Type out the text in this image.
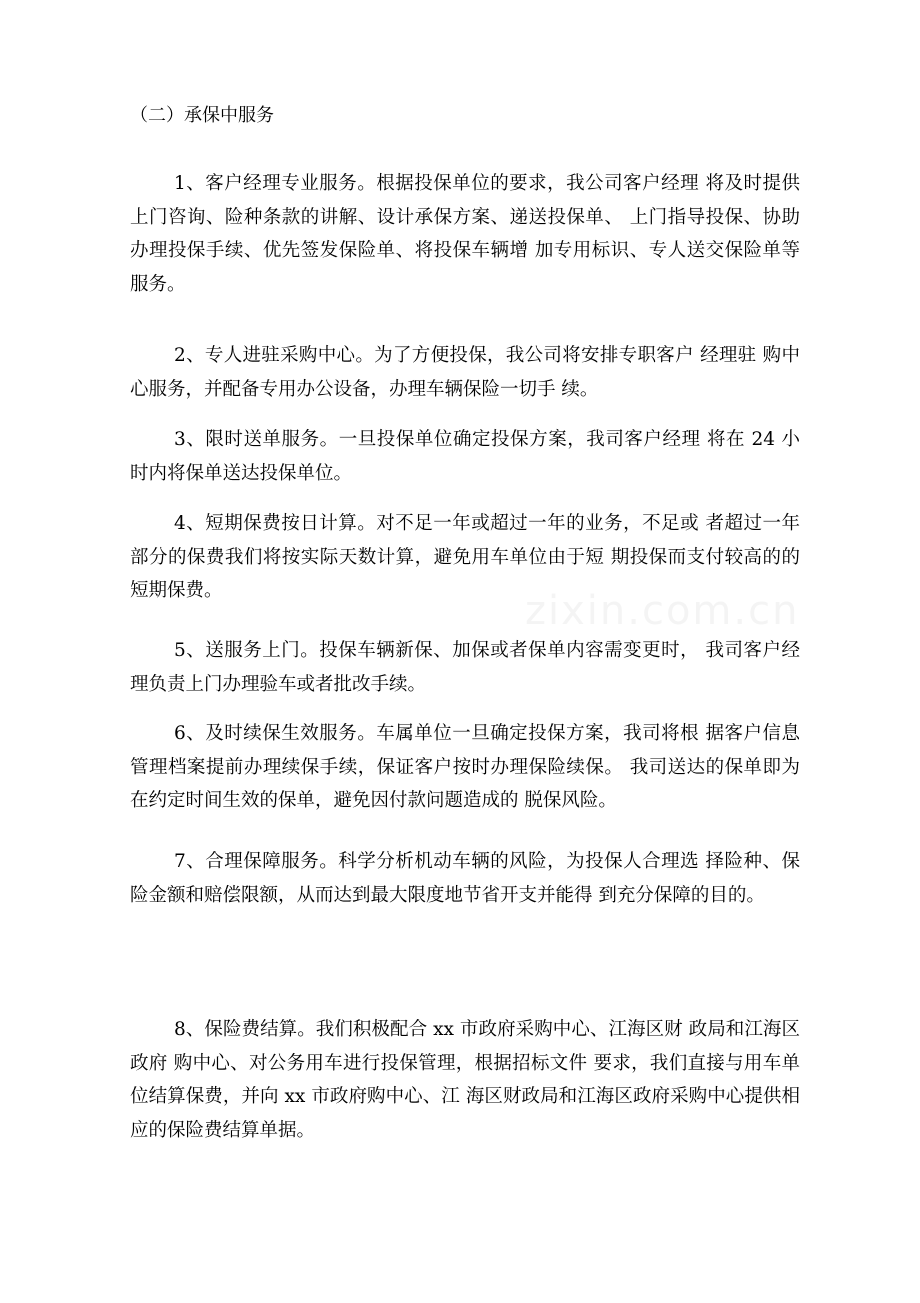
（二）承保中服务

1、客户经理专业服务。根据投保单位的要求，我公司客户经理 将及时提供上门咨询、险种条款的讲解、设计承保方案、递送投保单、 上门指导投保、协助办理投保手续、优先签发保险单、将投保车辆增 加专用标识、专人送交保险单等服务。

2、专人进驻采购中心。为了方便投保，我公司将安排专职客户 经理驻 购中心服务，并配备专用办公设备，办理车辆保险一切手 续。

3、限时送单服务。一旦投保单位确定投保方案，我司客户经理 将在 24 小时内将保单送达投保单位。

4、短期保费按日计算。对不足一年或超过一年的业务，不足或 者超过一年部分的保费我们将按实际天数计算，避免用车单位由于短 期投保而支付较高的的短期保费。

5、送服务上门。投保车辆新保、加保或者保单内容需变更时， 我司客户经理负责上门办理验车或者批改手续。

6、及时续保生效服务。车属单位一旦确定投保方案，我司将根 据客户信息管理档案提前办理续保手续，保证客户按时办理保险续保。 我司送达的保单即为在约定时间生效的保单，避免因付款问题造成的 脱保风险。

7、合理保障服务。科学分析机动车辆的风险，为投保人合理选 择险种、保险金额和赔偿限额，从而达到最大限度地节省开支并能得 到充分保障的目的。

8、保险费结算。我们积极配合 xx 市政府采购中心、江海区财 政局和江海区政府 购中心、对公务用车进行投保管理，根据招标文件 要求，我们直接与用车单位结算保费，并向 xx 市政府购中心、江 海区财政局和江海区政府采购中心提供相应的保险费结算单据。

zixin.com.cn
